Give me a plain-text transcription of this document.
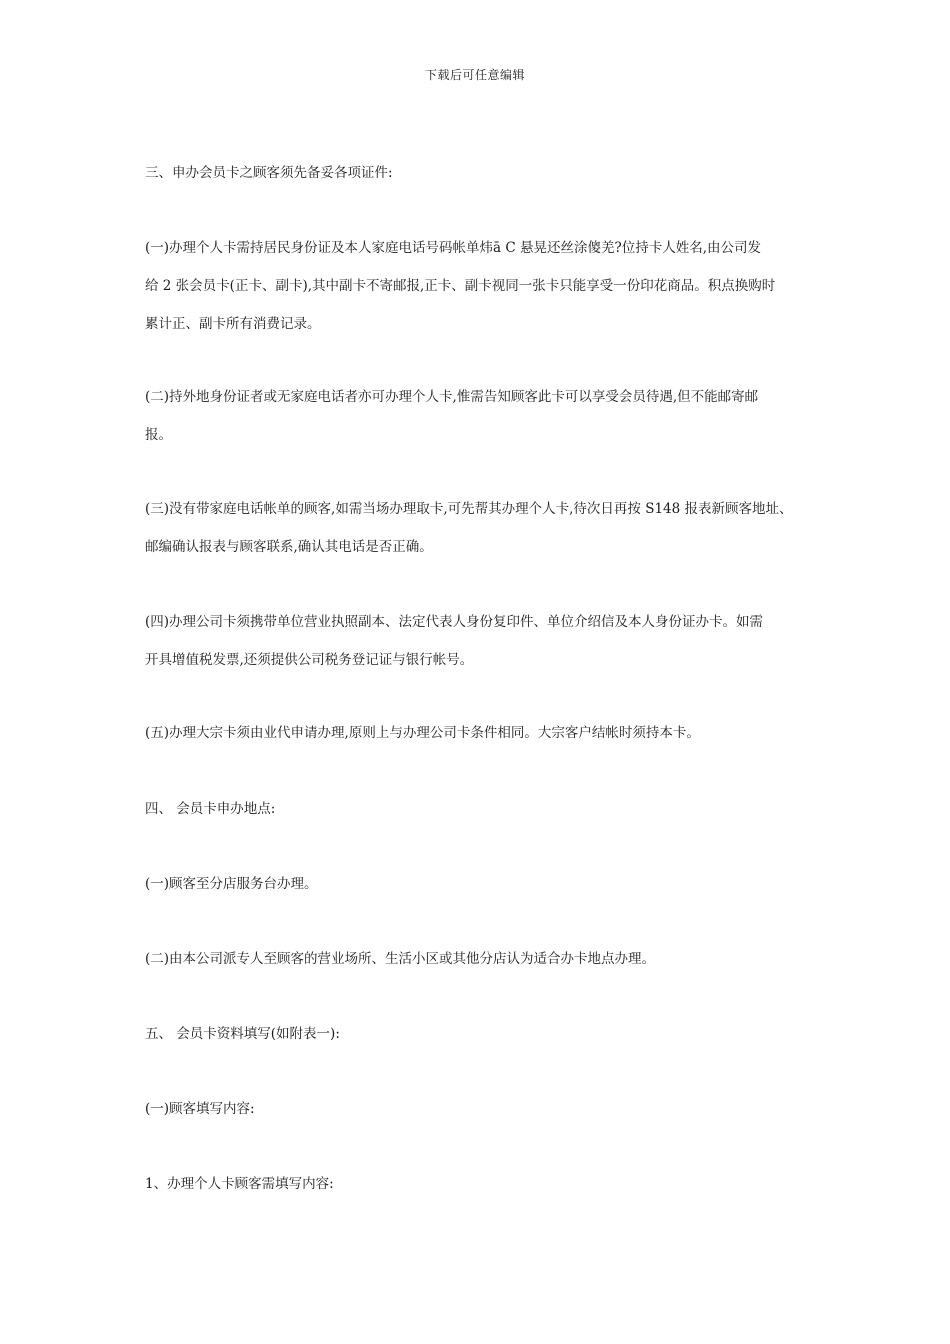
下载后可任意编辑

三、申办会员卡之顾客须先备妥各项证件:

(一)办理个人卡需持居民身份证及本人家庭电话号码帐单炜ā C 悬晃还丝涂傻羌?位持卡人姓名,由公司发
给 2 张会员卡(正卡、副卡),其中副卡不寄邮报,正卡、副卡视同一张卡只能享受一份印花商品。积点换购时
累计正、副卡所有消费记录。

(二)持外地身份证者或无家庭电话者亦可办理个人卡,惟需告知顾客此卡可以享受会员待遇,但不能邮寄邮
报。

(三)没有带家庭电话帐单的顾客,如需当场办理取卡,可先帮其办理个人卡,待次日再按 S148 报表新顾客地址、
邮编确认报表与顾客联系,确认其电话是否正确。

(四)办理公司卡须携带单位营业执照副本、法定代表人身份复印件、单位介绍信及本人身份证办卡。如需
开具增值税发票,还须提供公司税务登记证与银行帐号。

(五)办理大宗卡须由业代申请办理,原则上与办理公司卡条件相同。大宗客户结帐时须持本卡。

四、 会员卡申办地点:

(一)顾客至分店服务台办理。

(二)由本公司派专人至顾客的营业场所、生活小区或其他分店认为适合办卡地点办理。

五、 会员卡资料填写(如附表一):

(一)顾客填写内容:

1、办理个人卡顾客需填写内容:
